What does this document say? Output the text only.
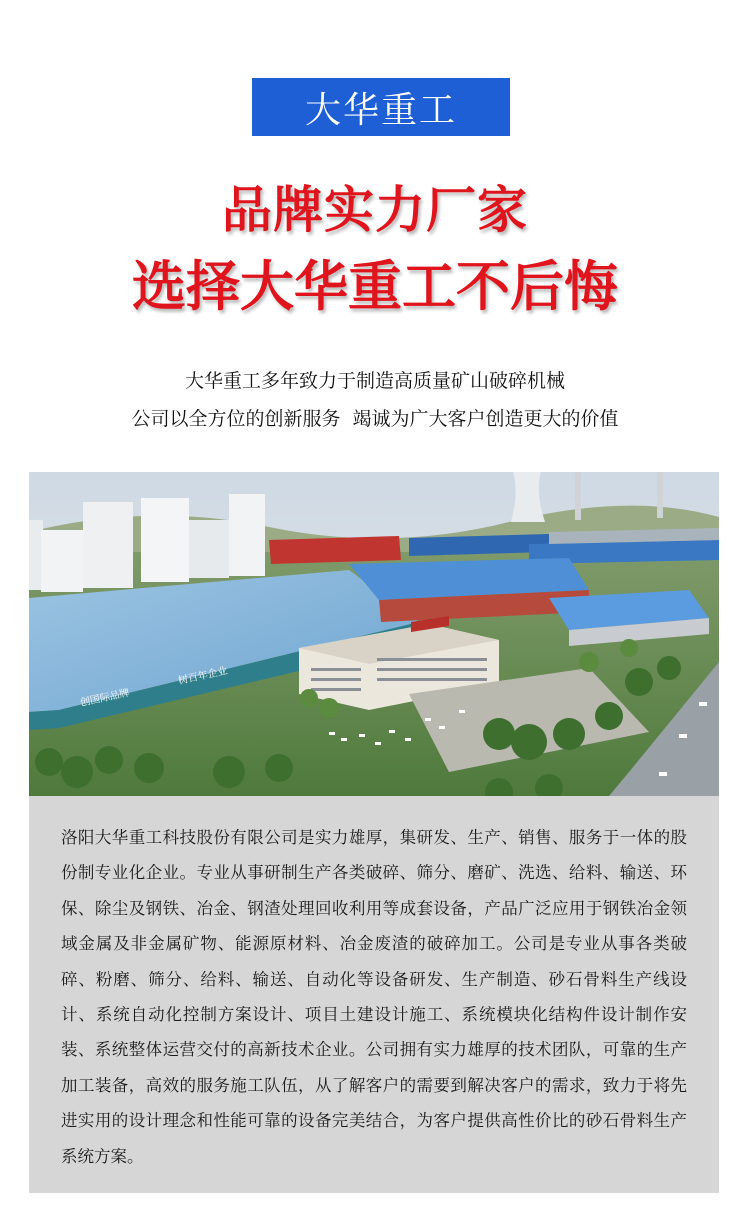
大华重工
品牌实力厂家
选择大华重工不后悔
大华重工多年致力于制造高质量矿山破碎机械
公司以全方位的创新服务  竭诚为广大客户创造更大的价值
创国际品牌
树百年企业

洛阳大华重工科技股份有限公司是实力雄厚，集研发、生产、销售、服务于一体的股份制专业化企业。专业从事研制生产各类破碎、筛分、磨矿、洗选、给料、输送、环保、除尘及钢铁、冶金、钢渣处理回收利用等成套设备，产品广泛应用于钢铁冶金领域金属及非金属矿物、能源原材料、冶金废渣的破碎加工。公司是专业从事各类破碎、粉磨、筛分、给料、输送、自动化等设备研发、生产制造、砂石骨料生产线设计、系统自动化控制方案设计、项目土建设计施工、系统模块化结构件设计制作安装、系统整体运营交付的高新技术企业。公司拥有实力雄厚的技术团队，可靠的生产加工装备，高效的服务施工队伍，从了解客户的需要到解决客户的需求，致力于将先进实用的设计理念和性能可靠的设备完美结合，为客户提供高性价比的砂石骨料生产系统方案。
